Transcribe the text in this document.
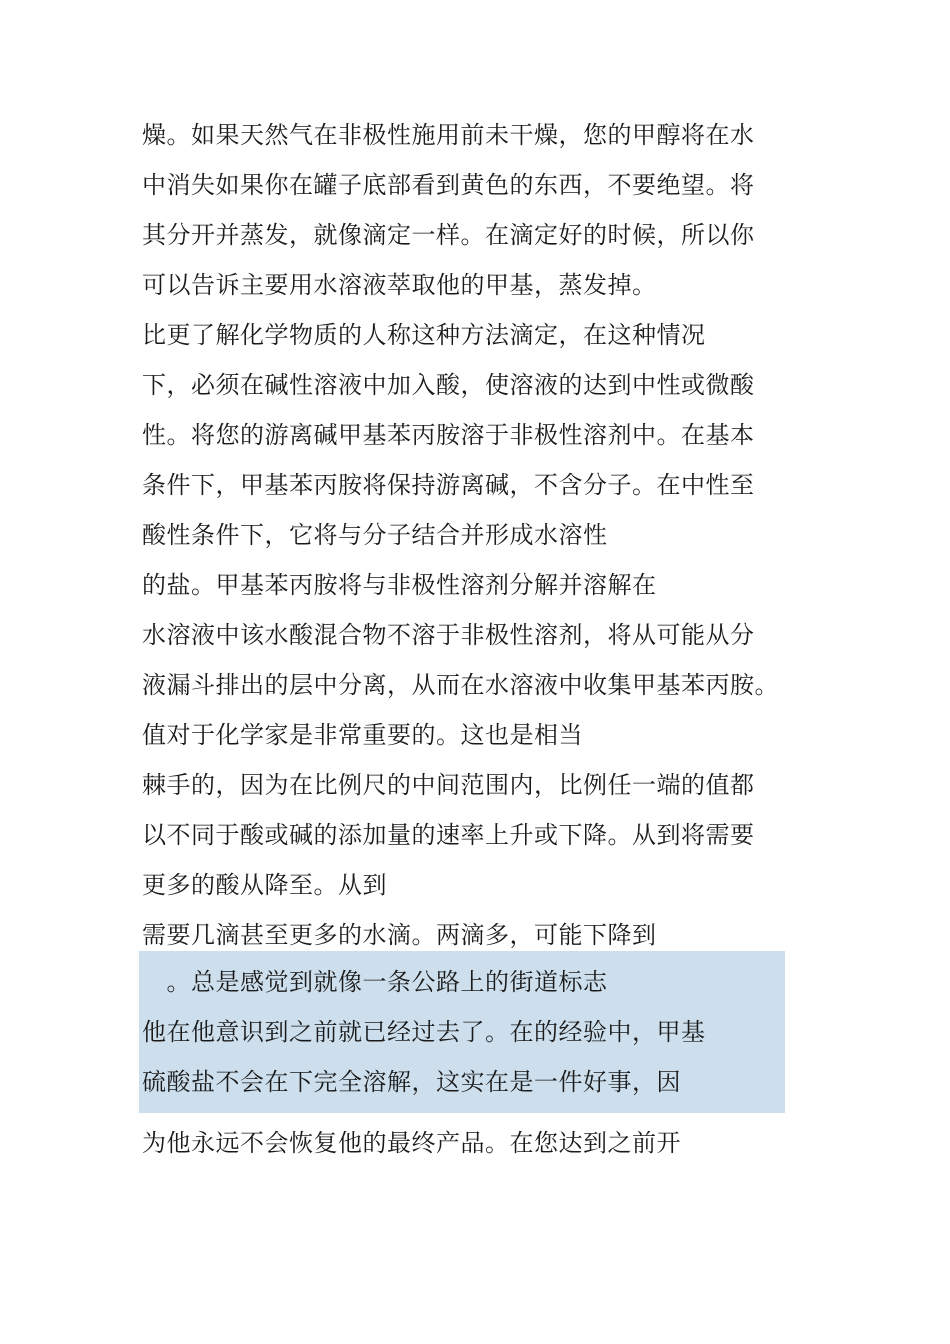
燥。如果天然气在非极性施用前未干燥，您的甲醇将在水
中消失如果你在罐子底部看到黄色的东西，不要绝望。将
其分开并蒸发，就像滴定一样。在滴定好的时候，所以你
可以告诉主要用水溶液萃取他的甲基，蒸发掉。
比更了解化学物质的人称这种方法滴定，在这种情况
下，必须在碱性溶液中加入酸，使溶液的达到中性或微酸
性。将您的游离碱甲基苯丙胺溶于非极性溶剂中。在基本
条件下，甲基苯丙胺将保持游离碱，不含分子。在中性至
酸性条件下，它将与分子结合并形成水溶性
的盐。甲基苯丙胺将与非极性溶剂分解并溶解在
水溶液中该水酸混合物不溶于非极性溶剂，将从可能从分
液漏斗排出的层中分离，从而在水溶液中收集甲基苯丙胺。
值对于化学家是非常重要的。这也是相当
棘手的，因为在比例尺的中间范围内，比例任一端的值都
以不同于酸或碱的添加量的速率上升或下降。从到将需要
更多的酸从降至。从到
需要几滴甚至更多的水滴。两滴多，可能下降到
　。总是感觉到就像一条公路上的街道标志
他在他意识到之前就已经过去了。在的经验中，甲基
硫酸盐不会在下完全溶解，这实在是一件好事，因
为他永远不会恢复他的最终产品。在您达到之前开
